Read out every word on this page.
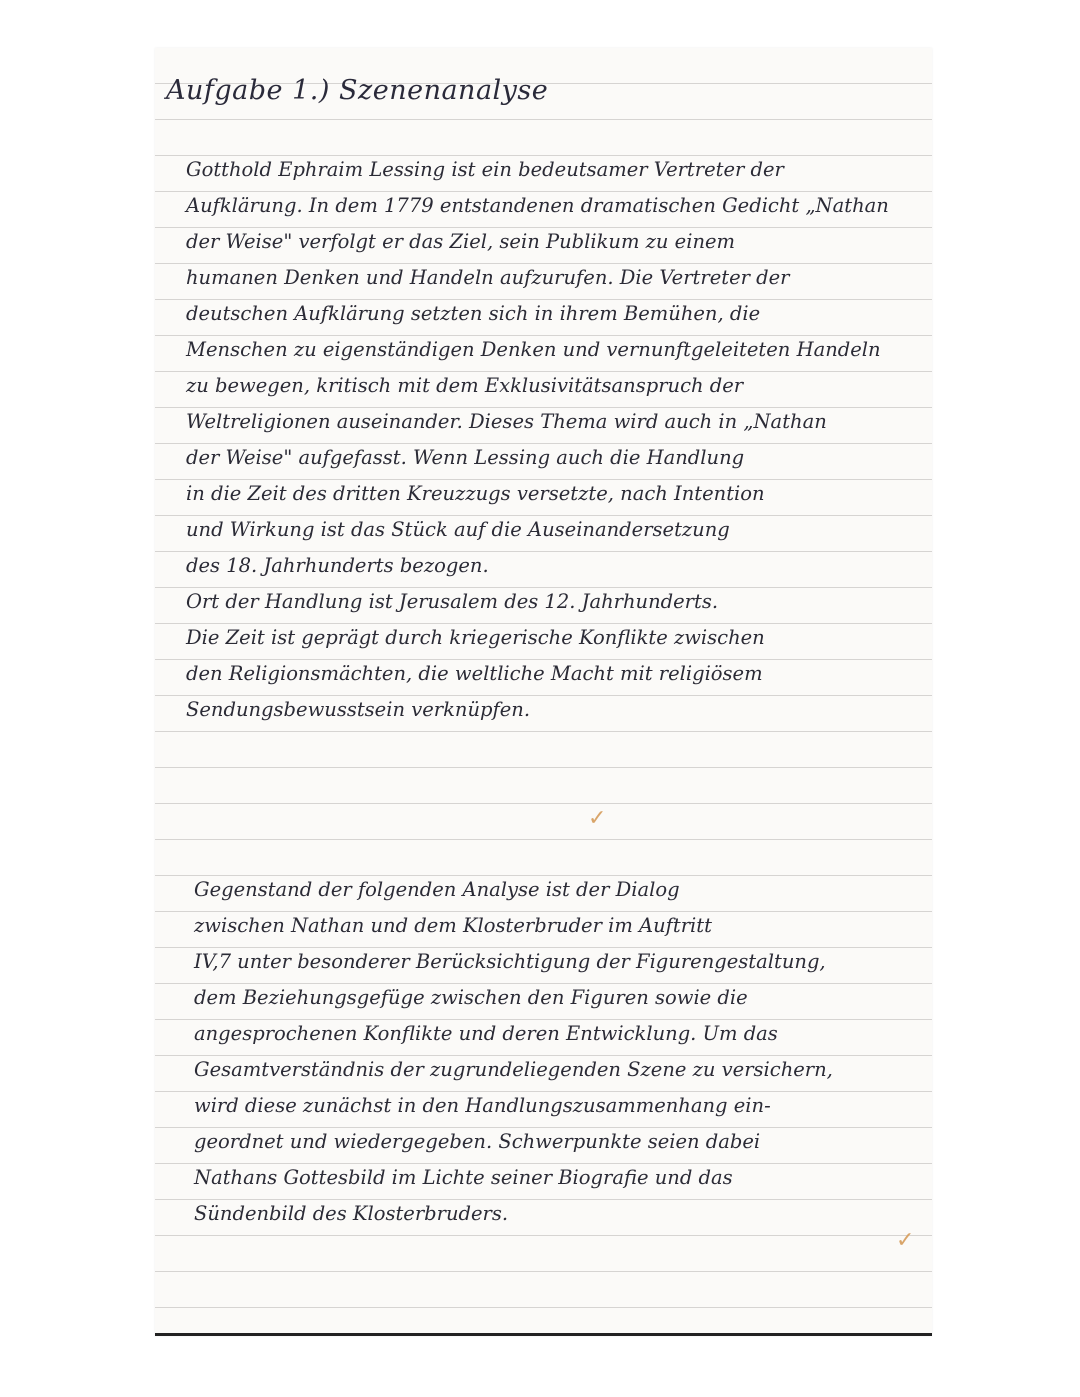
Aufgabe 1.) Szenenanalyse
Gotthold Ephraim Lessing ist ein bedeutsamer Vertreter der
Aufklärung. In dem 1779 entstandenen dramatischen Gedicht „Nathan
der Weise" verfolgt er das Ziel, sein Publikum zu einem
humanen Denken und Handeln aufzurufen. Die Vertreter der
deutschen Aufklärung setzten sich in ihrem Bemühen, die
Menschen zu eigenständigen Denken und vernunftgeleiteten Handeln
zu bewegen, kritisch mit dem Exklusivitätsanspruch der
Weltreligionen auseinander. Dieses Thema wird auch in „Nathan
der Weise" aufgefasst. Wenn Lessing auch die Handlung
in die Zeit des dritten Kreuzzugs versetzte, nach Intention
und Wirkung ist das Stück auf die Auseinandersetzung
des 18. Jahrhunderts bezogen.
Ort der Handlung ist Jerusalem des 12. Jahrhunderts.
Die Zeit ist geprägt durch kriegerische Konflikte zwischen
den Religionsmächten, die weltliche Macht mit religiösem
Sendungsbewusstsein verknüpfen.
✓
Gegenstand der folgenden Analyse ist der Dialog
zwischen Nathan und dem Klosterbruder im Auftritt
IV,7 unter besonderer Berücksichtigung der Figurengestaltung,
dem Beziehungsgefüge zwischen den Figuren sowie die
angesprochenen Konflikte und deren Entwicklung. Um das
Gesamtverständnis der zugrundeliegenden Szene zu versichern,
wird diese zunächst in den Handlungszusammenhang ein-
geordnet und wiedergegeben. Schwerpunkte seien dabei
Nathans Gottesbild im Lichte seiner Biografie und das
Sündenbild des Klosterbruders.
✓
